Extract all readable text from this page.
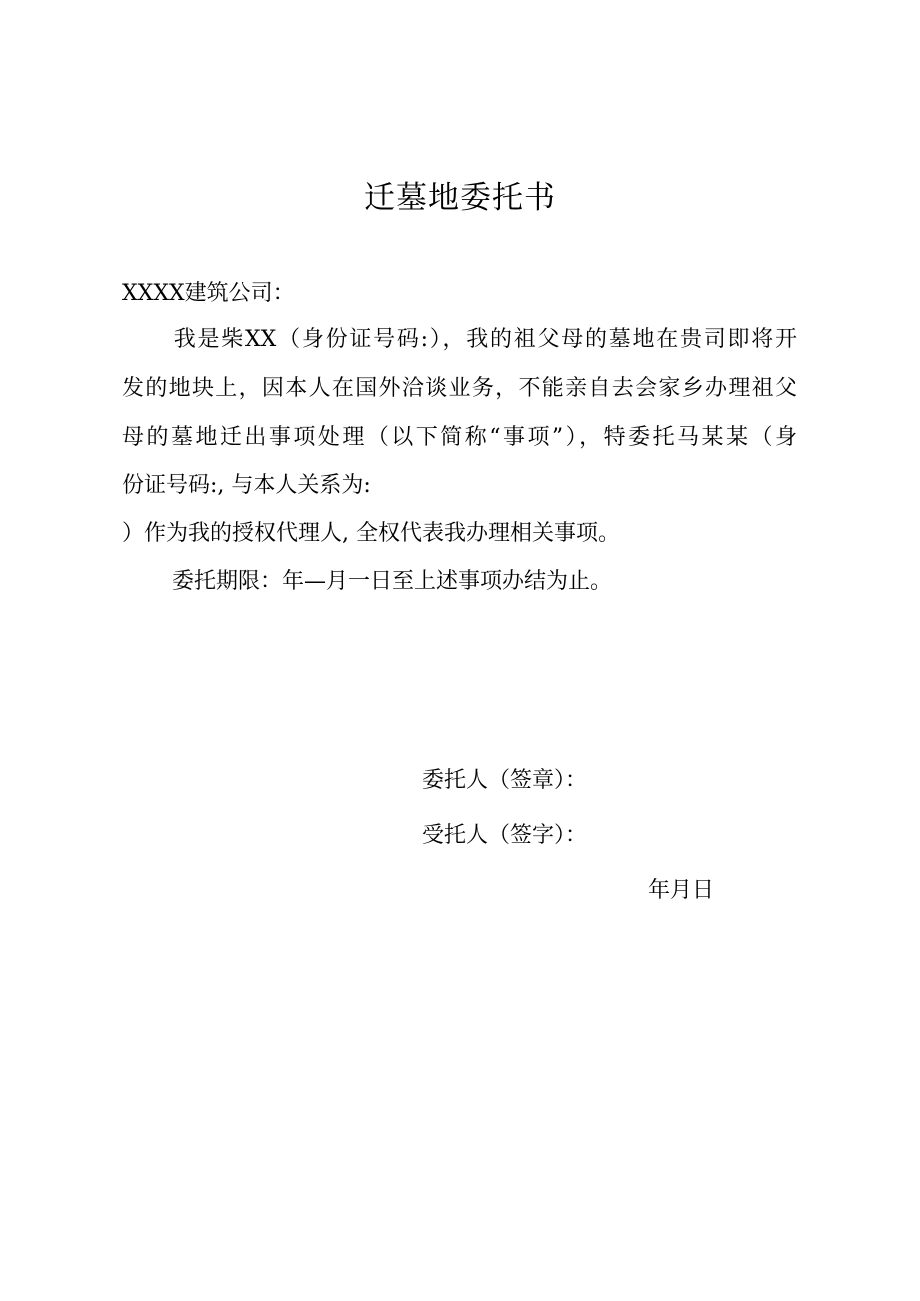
迁墓地委托书
XXXX建筑公司：
我是柴XX（身份证号码:），我的祖父母的墓地在贵司即将开
发的地块上，因本人在国外洽谈业务，不能亲自去会家乡办理祖父
母的墓地迁出事项处理（以下简称“事项”），特委托马某某（身
份证号码:, 与本人关系为:
）作为我的授权代理人, 全权代表我办理相关事项。
委托期限：年—月一日至上述事项办结为止。
委托人（签章）：
受托人（签字）：
年月日
